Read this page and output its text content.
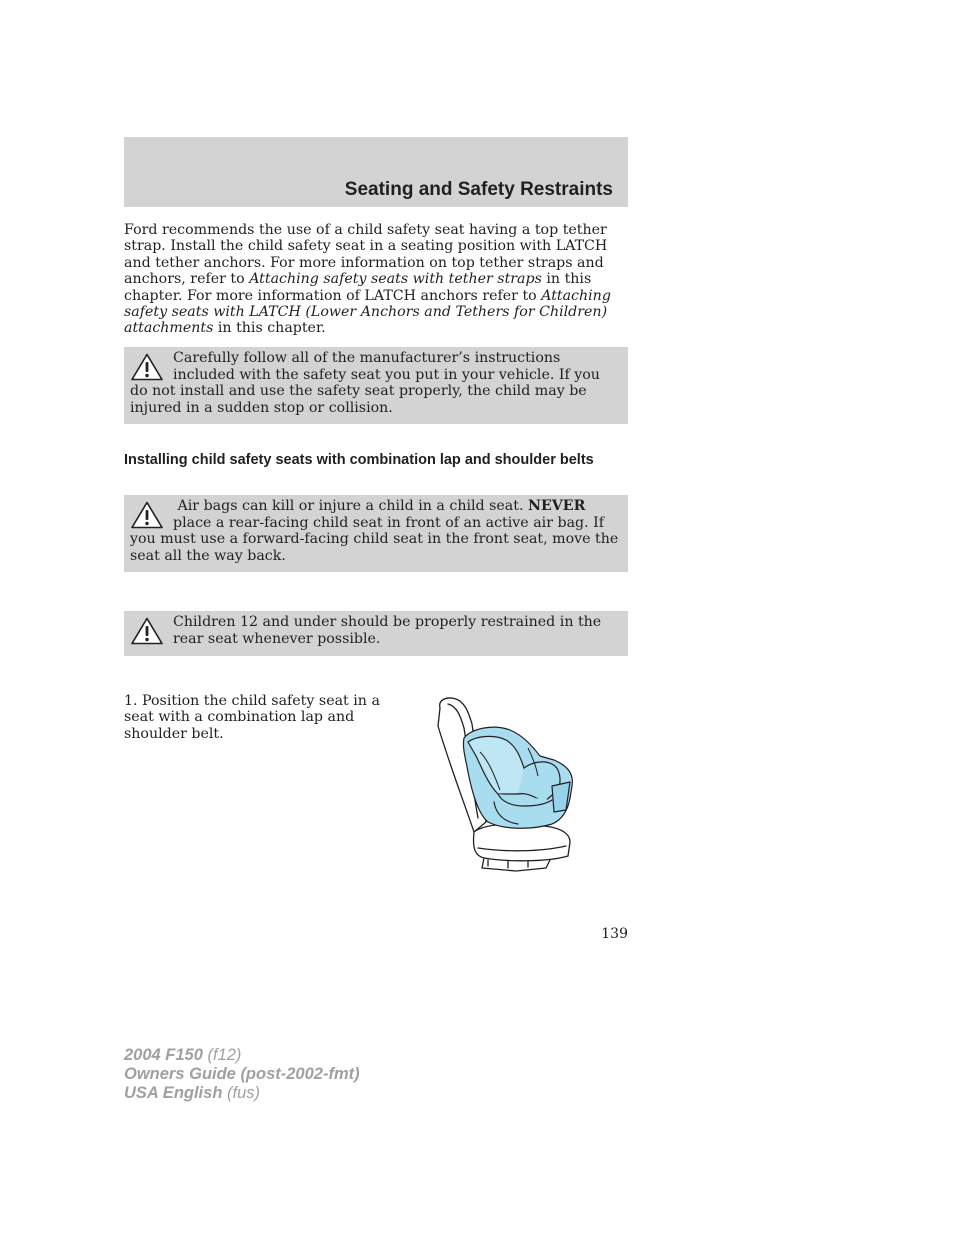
Seating and Safety Restraints

Ford recommends the use of a child safety seat having a top tether strap. Install the child safety seat in a seating position with LATCH and tether anchors. For more information on top tether straps and anchors, refer to Attaching safety seats with tether straps in this chapter. For more information of LATCH anchors refer to Attaching safety seats with LATCH (Lower Anchors and Tethers for Children) attachments in this chapter.

Carefully follow all of the manufacturer’s instructions included with the safety seat you put in your vehicle. If you do not install and use the safety seat properly, the child may be injured in a sudden stop or collision.

Installing child safety seats with combination lap and shoulder belts

Air bags can kill or injure a child in a child seat. NEVER place a rear-facing child seat in front of an active air bag. If you must use a forward-facing child seat in the front seat, move the seat all the way back.

Children 12 and under should be properly restrained in the rear seat whenever possible.

1. Position the child safety seat in a seat with a combination lap and shoulder belt.

139

2004 F150 (f12)
Owners Guide (post-2002-fmt)
USA English (fus)
